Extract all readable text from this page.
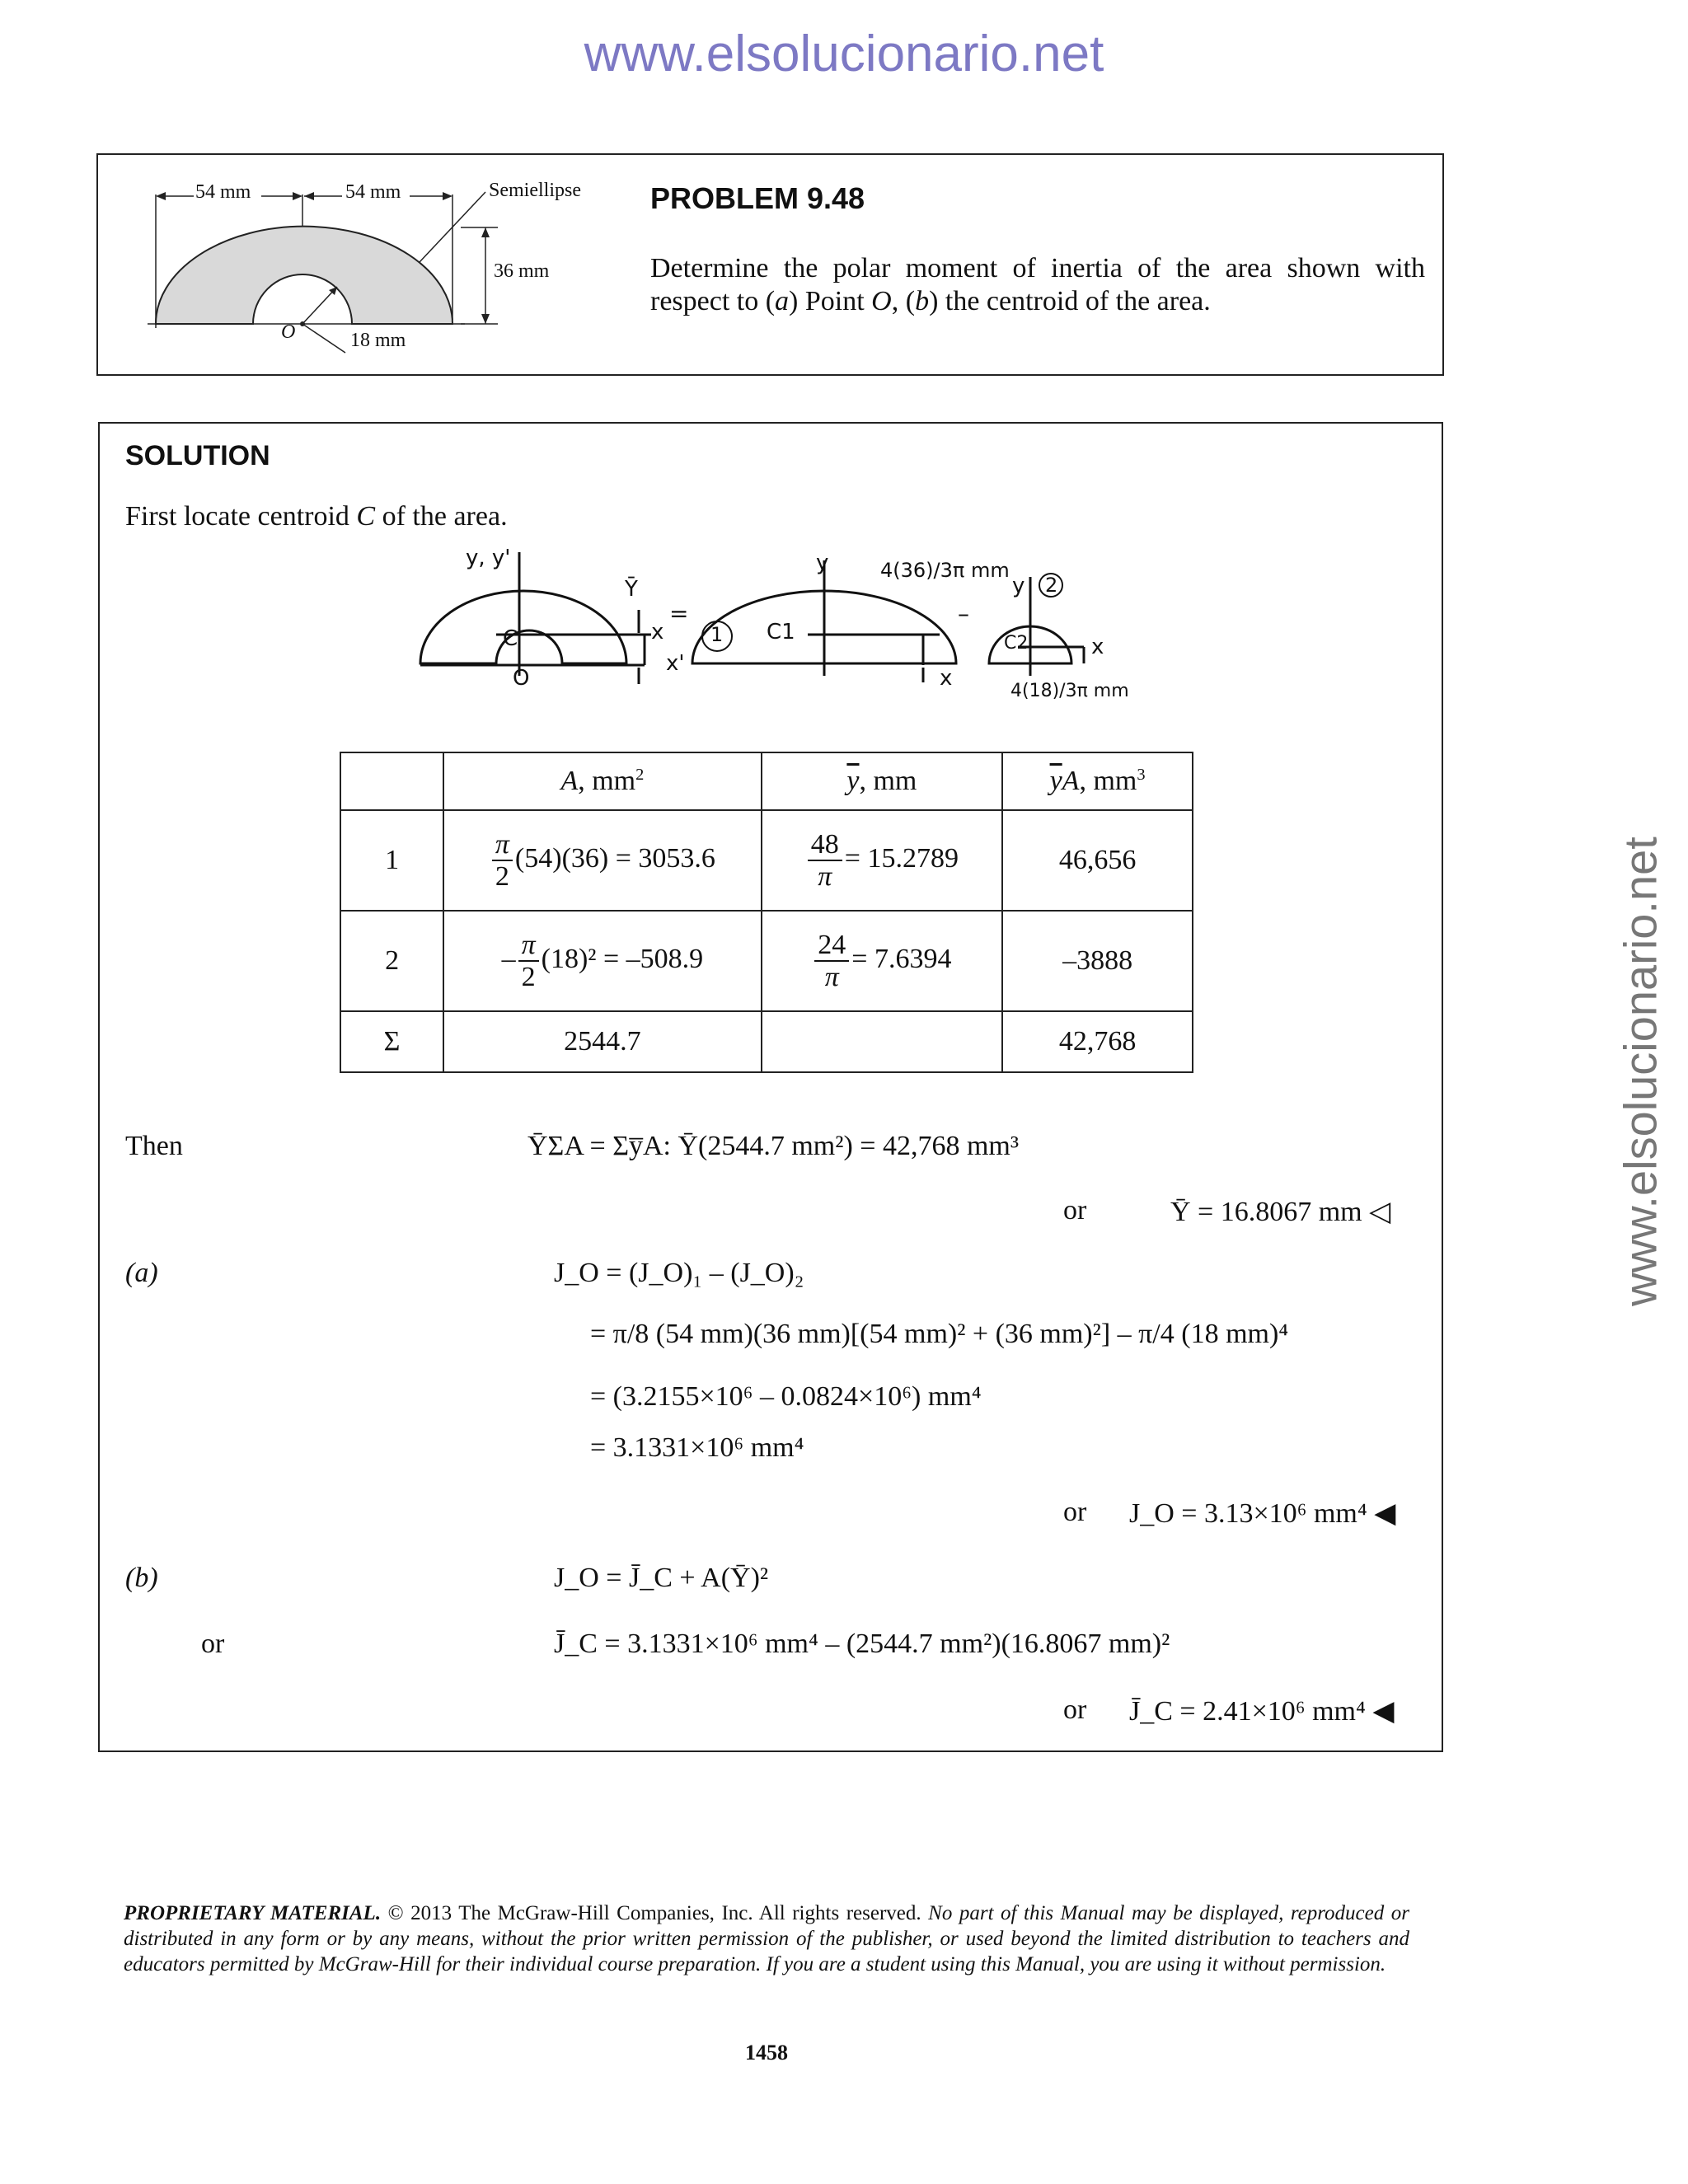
www.elsolucionario.net
www.elsolucionario.net
54 mm	54 mm	Semiellipse
36 mm
O	18 mm
PROBLEM 9.48
Determine the polar moment of inertia of the area shown with respect to (a) Point O, (b) the centroid of the area.
SOLUTION
First locate centroid C of the area.
y, y'
Ȳ
x
x'
C
O
=
1 C1
y	4(36)/3π mm
–
x
2
C2
y
x
4(18)/3π mm
	A, $mm^2$	$\overline{y}$, mm	$\overline{y}A$, $mm^3$
1	$\frac{\pi}{2} (54)(36) = 3053.6$	$\frac{48}{\pi} = 15.2789$	46,656
2	– $\frac{\pi}{2} (18)^2 = -508.9$	$\frac{24}{\pi} = 7.6394$	–3888
Σ	2544.7		42,768
Then	ȲΣA = Σy̅A: Ȳ(2544.7 mm²) = 42,768 mm³
or	Ȳ = 16.8067 mm ◁
(a)	J_O = (J_O)₁ – (J_O)₂
= π/8 (54 mm)(36 mm)[(54 mm)² + (36 mm)²] – π/4 (18 mm)⁴
= (3.2155×10⁶ – 0.0824×10⁶) mm⁴
= 3.1331×10⁶ mm⁴
or J_O = 3.13×10⁶ mm⁴ ◀
(b)	J_O = J̄_C + A(Ȳ)²
or	J̄_C = 3.1331×10⁶ mm⁴ – (2544.7 mm²)(16.8067 mm)²
or J̄_C = 2.41×10⁶ mm⁴ ◀
PROPRIETARY MATERIAL. © 2013 The McGraw-Hill Companies, Inc. All rights reserved. No part of this Manual may be displayed, reproduced or distributed in any form or by any means, without the prior written permission of the publisher, or used beyond the limited distribution to teachers and educators permitted by McGraw-Hill for their individual course preparation. If you are a student using this Manual, you are using it without permission.
1458
